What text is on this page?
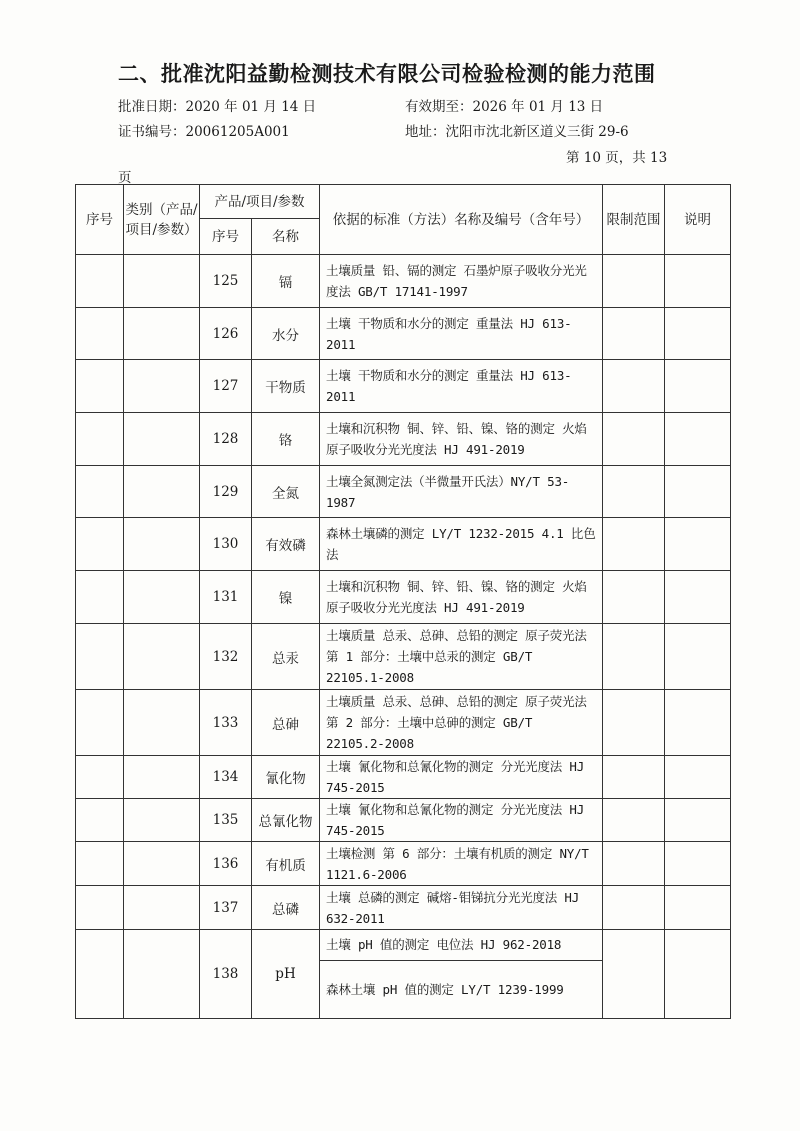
二、批准沈阳益勤检测技术有限公司检验检测的能力范围
批准日期：2020 年 01 月 14 日	有效期至：2026 年 01 月 13 日
证书编号：20061205A001	地址：沈阳市沈北新区道义三街 29-6
第 10 页，共 13
页
序号	类别（产品/项目/参数）	产品/项目/参数		依据的标准（方法）名称及编号（含年号）	限制范围	说明
		序号	名称			
		125	镉	土壤质量 铅、镉的测定 石墨炉原子吸收分光光度法 GB/T 17141-1997		
		126	水分	土壤 干物质和水分的测定 重量法 HJ 613-2011		
		127	干物质	土壤 干物质和水分的测定 重量法 HJ 613-2011		
		128	铬	土壤和沉积物 铜、锌、铅、镍、铬的测定 火焰原子吸收分光光度法 HJ 491-2019		
		129	全氮	土壤全氮测定法（半微量开氏法）NY/T 53-1987		
		130	有效磷	森林土壤磷的测定 LY/T 1232-2015 4.1 比色法		
		131	镍	土壤和沉积物 铜、锌、铅、镍、铬的测定 火焰原子吸收分光光度法 HJ 491-2019		
		132	总汞	土壤质量 总汞、总砷、总铅的测定 原子荧光法 第 1 部分：土壤中总汞的测定 GB/T 22105.1-2008		
		133	总砷	土壤质量 总汞、总砷、总铅的测定 原子荧光法 第 2 部分：土壤中总砷的测定 GB/T 22105.2-2008		
		134	氰化物	土壤 氰化物和总氰化物的测定 分光光度法 HJ 745-2015		
		135	总氰化物	土壤 氰化物和总氰化物的测定 分光光度法 HJ 745-2015		
		136	有机质	土壤检测 第 6 部分：土壤有机质的测定 NY/T 1121.6-2006		
		137	总磷	土壤 总磷的测定 碱熔-钼锑抗分光光度法 HJ 632-2011		
		138	pH	土壤 pH 值的测定 电位法 HJ 962-2018
森林土壤 pH 值的测定 LY/T 1239-1999		
